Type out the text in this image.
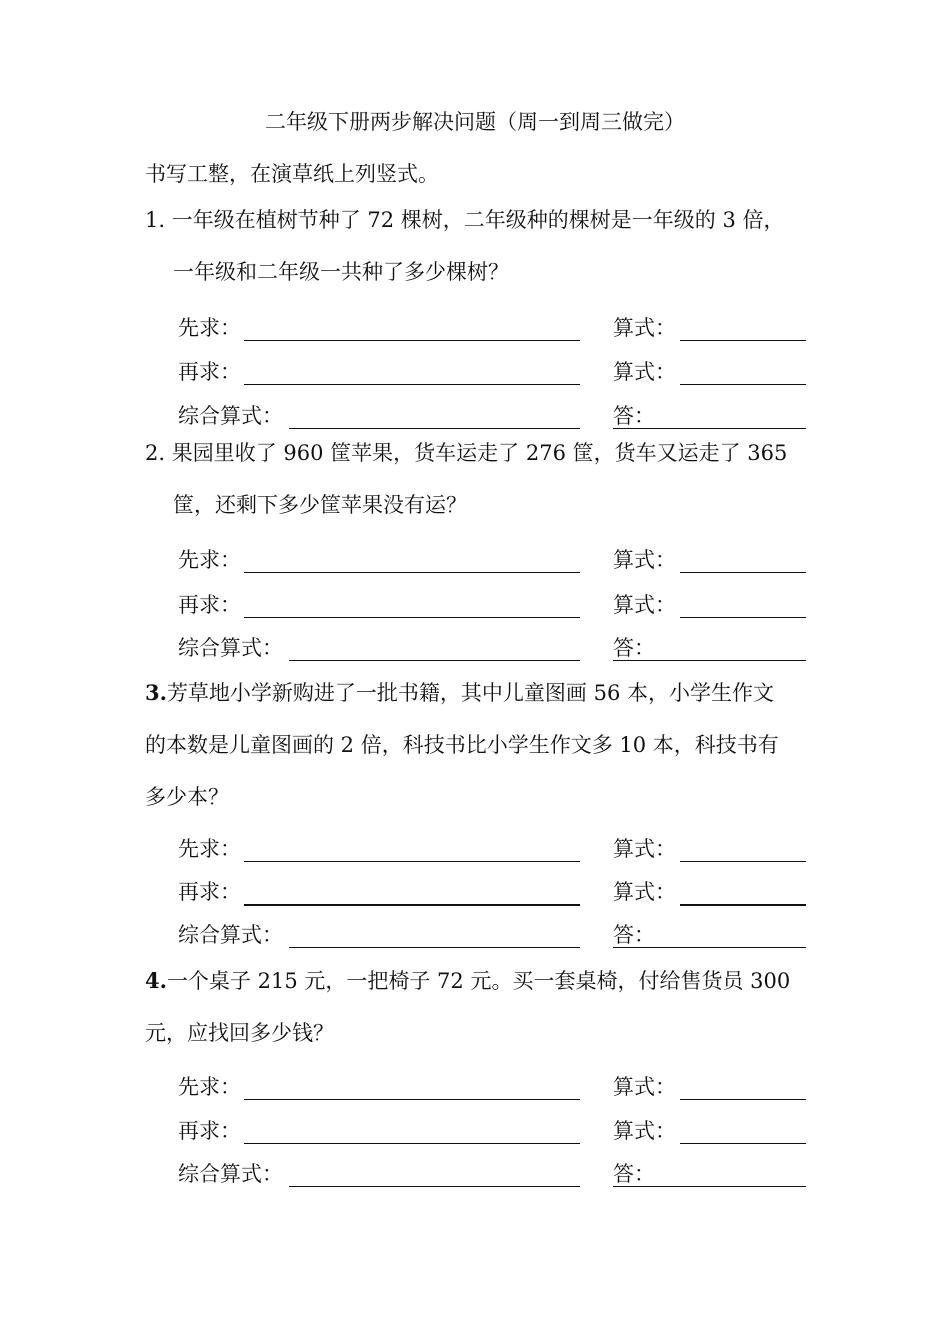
二年级下册两步解决问题（周一到周三做完）
书写工整，在演草纸上列竖式。
1. 一年级在植树节种了 72 棵树，二年级种的棵树是一年级的 3 倍，
一年级和二年级一共种了多少棵树？
先求：	算式：
再求：	算式：
综合算式：	答：
2. 果园里收了 960 筐苹果，货车运走了 276 筐，货车又运走了 365
筐，还剩下多少筐苹果没有运？
先求：	算式：
再求：	算式：
综合算式：	答：
3.芳草地小学新购进了一批书籍，其中儿童图画 56 本，小学生作文
的本数是儿童图画的 2 倍，科技书比小学生作文多 10 本，科技书有
多少本？
先求：	算式：
再求：	算式：
综合算式：	答：
4.一个桌子 215 元，一把椅子 72 元。买一套桌椅，付给售货员 300
元，应找回多少钱？
先求：	算式：
再求：	算式：
综合算式：	答：
